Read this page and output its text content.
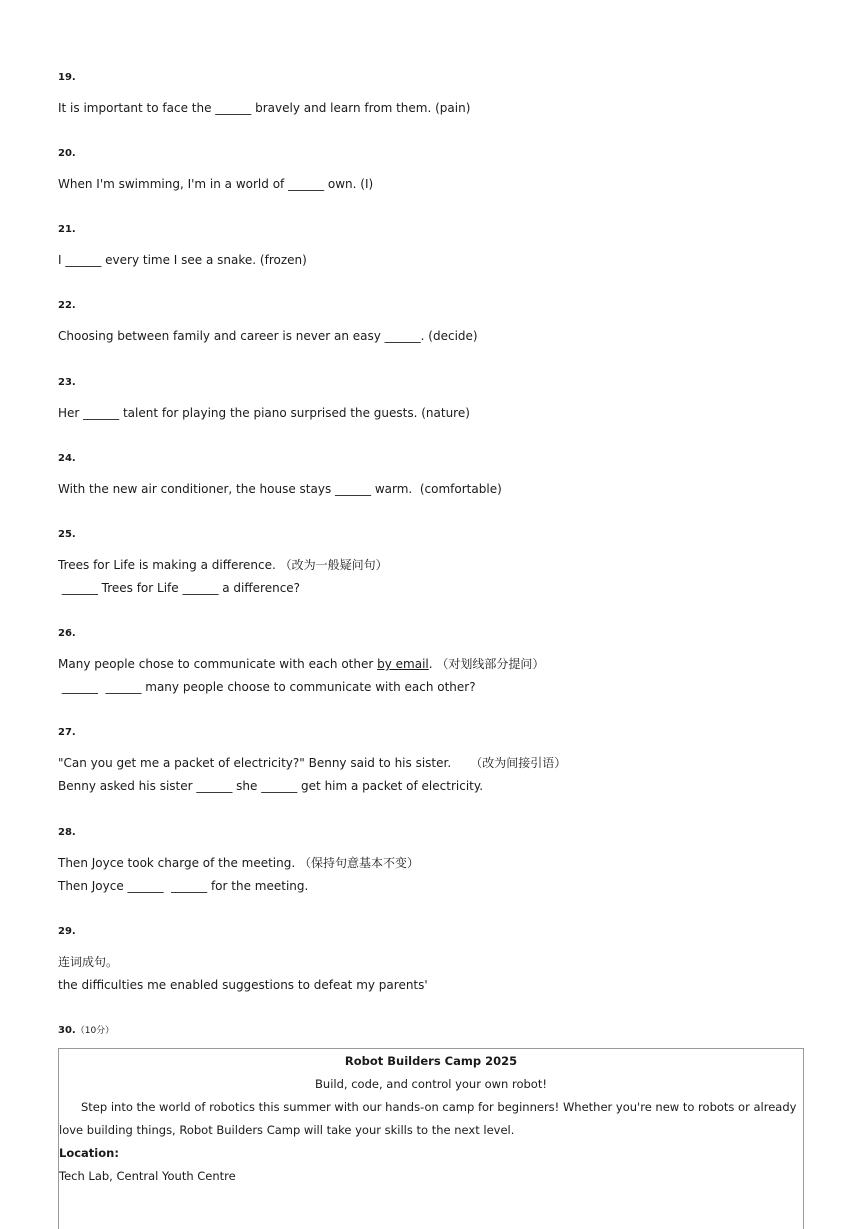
19.
It is important to face the ______ bravely and learn from them. (pain)
20.
When I'm swimming, I'm in a world of ______ own. (I)
21.
I ______ every time I see a snake. (frozen)
22.
Choosing between family and career is never an easy ______. (decide)
23.
Her ______ talent for playing the piano surprised the guests. (nature)
24.
With the new air conditioner, the house stays ______ warm.  (comfortable)
25.
Trees for Life is making a difference. （改为一般疑问句）
______ Trees for Life ______ a difference?
26.
Many people chose to communicate with each other by email. （对划线部分提问）
______  ______ many people choose to communicate with each other?
27.
"Can you get me a packet of electricity?" Benny said to his sister.     （改为间接引语）
Benny asked his sister ______ she ______ get him a packet of electricity.
28.
Then Joyce took charge of the meeting. （保持句意基本不变）
Then Joyce ______  ______ for the meeting.
29.
连词成句。
the difficulties me enabled suggestions to defeat my parents'
30.（10分）
Robot Builders Camp 2025
Build, code, and control your own robot!
Step into the world of robotics this summer with our hands-on camp for beginners! Whether you're new to robots or already love building things, Robot Builders Camp will take your skills to the next level.
Location:
Tech Lab, Central Youth Centre
